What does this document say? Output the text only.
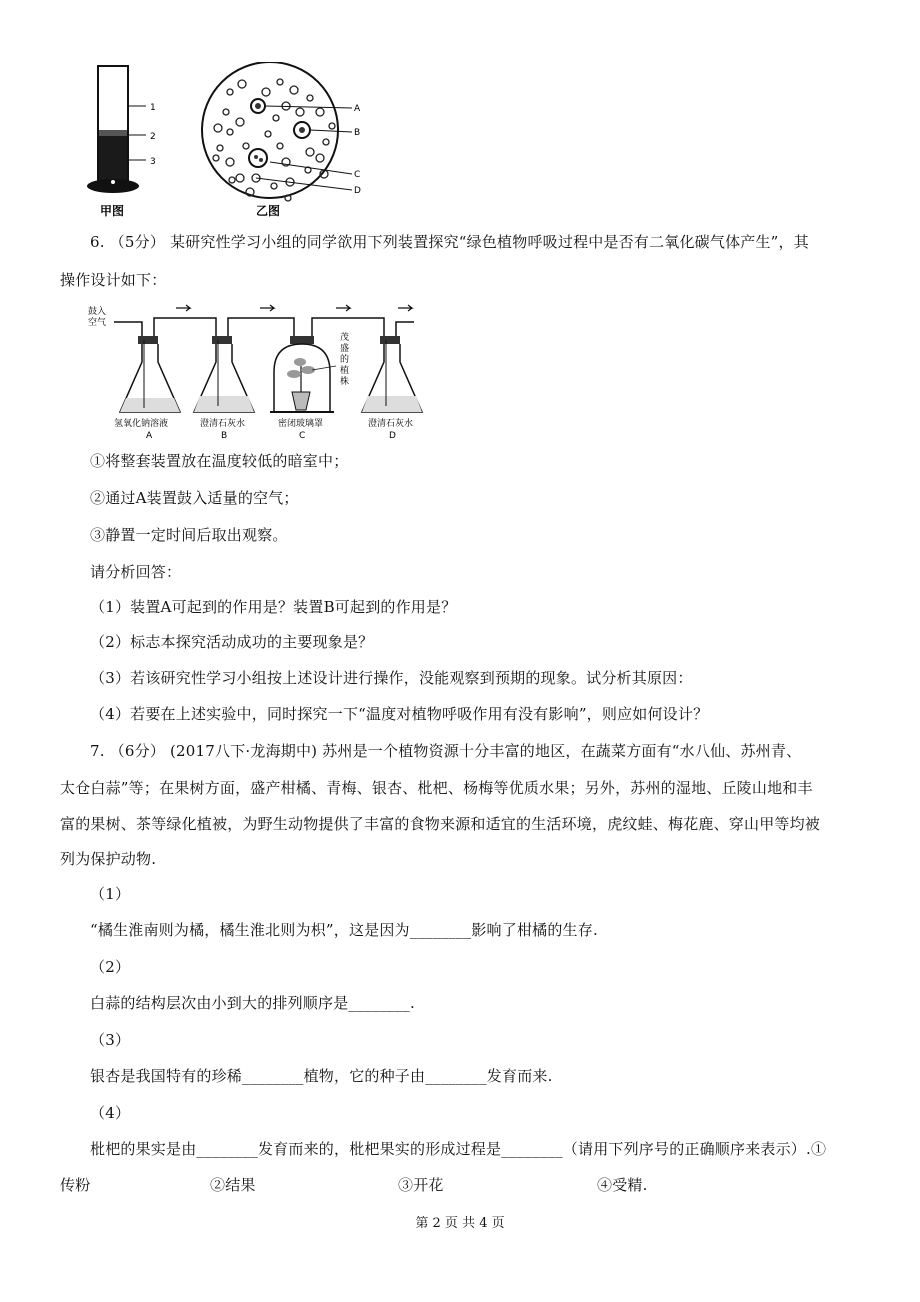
1
2
3
甲图
A
B
C
D
乙图
6. （5分） 某研究性学习小组的同学欲用下列装置探究“绿色植物呼吸过程中是否有二氧化碳气体产生”，其
操作设计如下：
鼓入
空气
茂
盛
的
植
株
氢氧化钠溶液	澄清石灰水	密闭玻璃罩	澄清石灰水
A	B	C	D
①将整套装置放在温度较低的暗室中；
②通过A装置鼓入适量的空气；
③静置一定时间后取出观察。
请分析回答：
（1）装置A可起到的作用是？装置B可起到的作用是？
（2）标志本探究活动成功的主要现象是？
（3）若该研究性学习小组按上述设计进行操作，没能观察到预期的现象。试分析其原因：
（4）若要在上述实验中，同时探究一下“温度对植物呼吸作用有没有影响”，则应如何设计？
7. （6分） (2017八下·龙海期中) 苏州是一个植物资源十分丰富的地区，在蔬菜方面有“水八仙、苏州青、
太仓白蒜”等；在果树方面，盛产柑橘、青梅、银杏、枇杷、杨梅等优质水果；另外，苏州的湿地、丘陵山地和丰
富的果树、茶等绿化植被，为野生动物提供了丰富的食物来源和适宜的生活环境，虎纹蛙、梅花鹿、穿山甲等均被
列为保护动物.
（1）
“橘生淮南则为橘，橘生淮北则为枳”，这是因为________影响了柑橘的生存.
（2）
白蒜的结构层次由小到大的排列顺序是________.
（3）
银杏是我国特有的珍稀________植物，它的种子由________发育而来.
（4）
枇杷的果实是由________发育而来的，枇杷果实的形成过程是________（请用下列序号的正确顺序来表示）.①
传粉	②结果	③开花	④受精.
第 2 页 共 4 页
